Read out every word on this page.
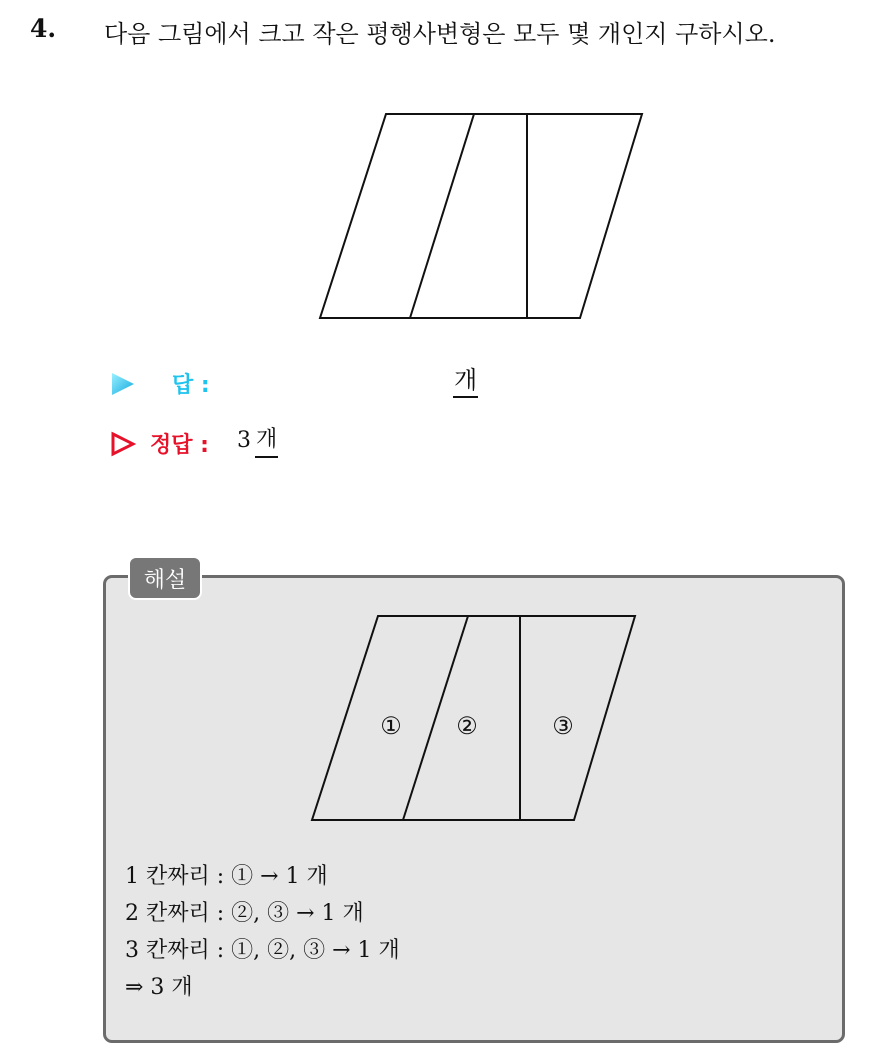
4. 다음 그림에서 크고 작은 평행사변형은 모두 몇 개인지 구하시오.
답 :	개
정답 : 3 개
해설
① ②	③
1 칸짜리 : ① → 1 개
2 칸짜리 : ②, ③ → 1 개
3 칸짜리 : ①, ②, ③ → 1 개
⇒ 3 개
